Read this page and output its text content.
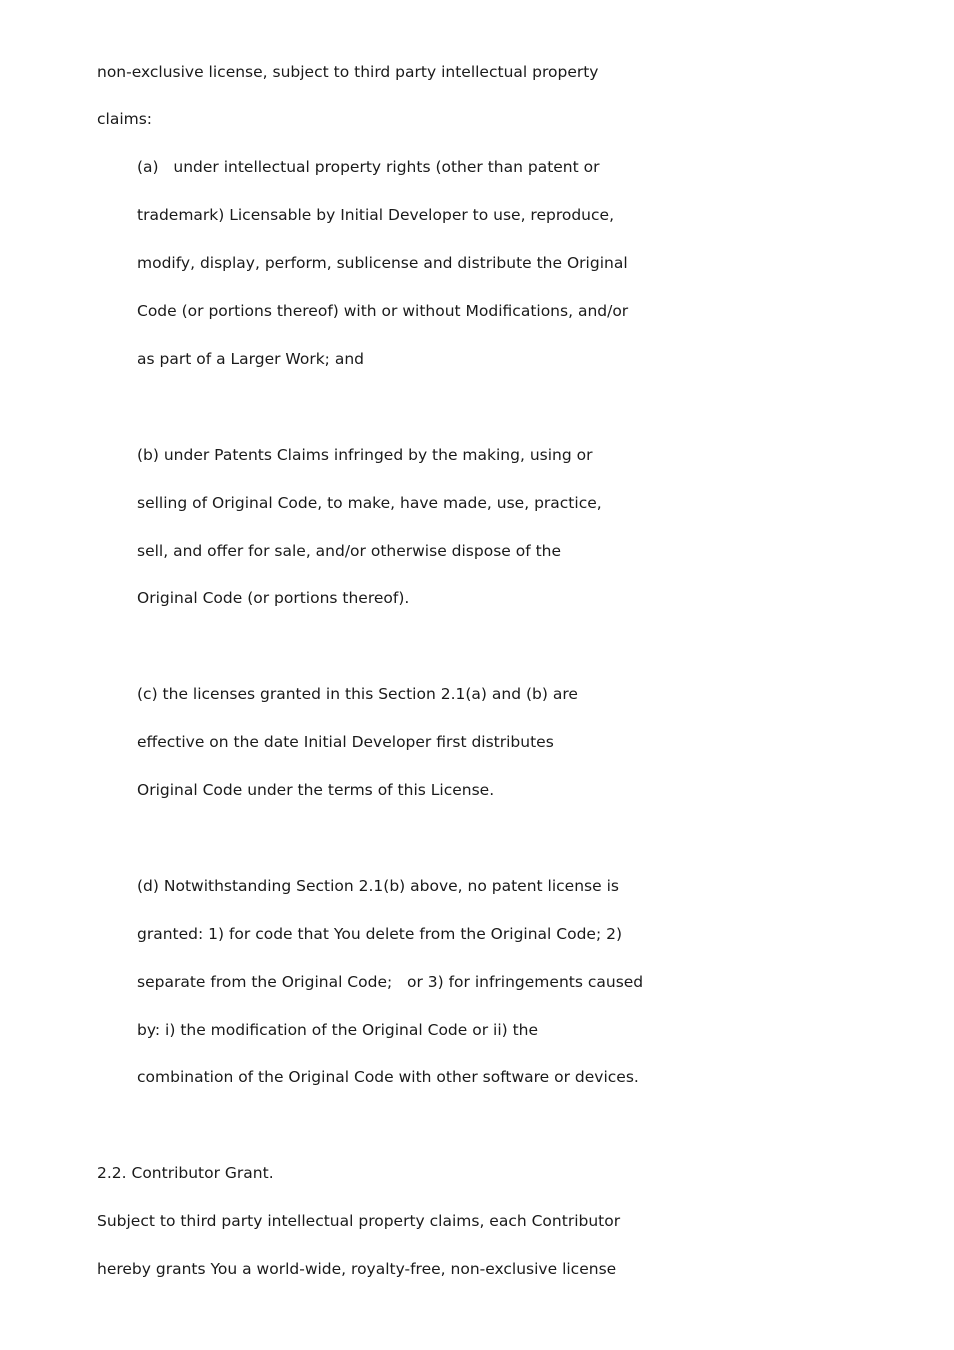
non-exclusive license, subject to third party intellectual property

claims:

(a)   under intellectual property rights (other than patent or

trademark) Licensable by Initial Developer to use, reproduce,

modify, display, perform, sublicense and distribute the Original

Code (or portions thereof) with or without Modifications, and/or

as part of a Larger Work; and

(b) under Patents Claims infringed by the making, using or

selling of Original Code, to make, have made, use, practice,

sell, and offer for sale, and/or otherwise dispose of the

Original Code (or portions thereof).

(c) the licenses granted in this Section 2.1(a) and (b) are

effective on the date Initial Developer first distributes

Original Code under the terms of this License.

(d) Notwithstanding Section 2.1(b) above, no patent license is

granted: 1) for code that You delete from the Original Code; 2)

separate from the Original Code;   or 3) for infringements caused

by: i) the modification of the Original Code or ii) the

combination of the Original Code with other software or devices.

2.2. Contributor Grant.

Subject to third party intellectual property claims, each Contributor

hereby grants You a world-wide, royalty-free, non-exclusive license
